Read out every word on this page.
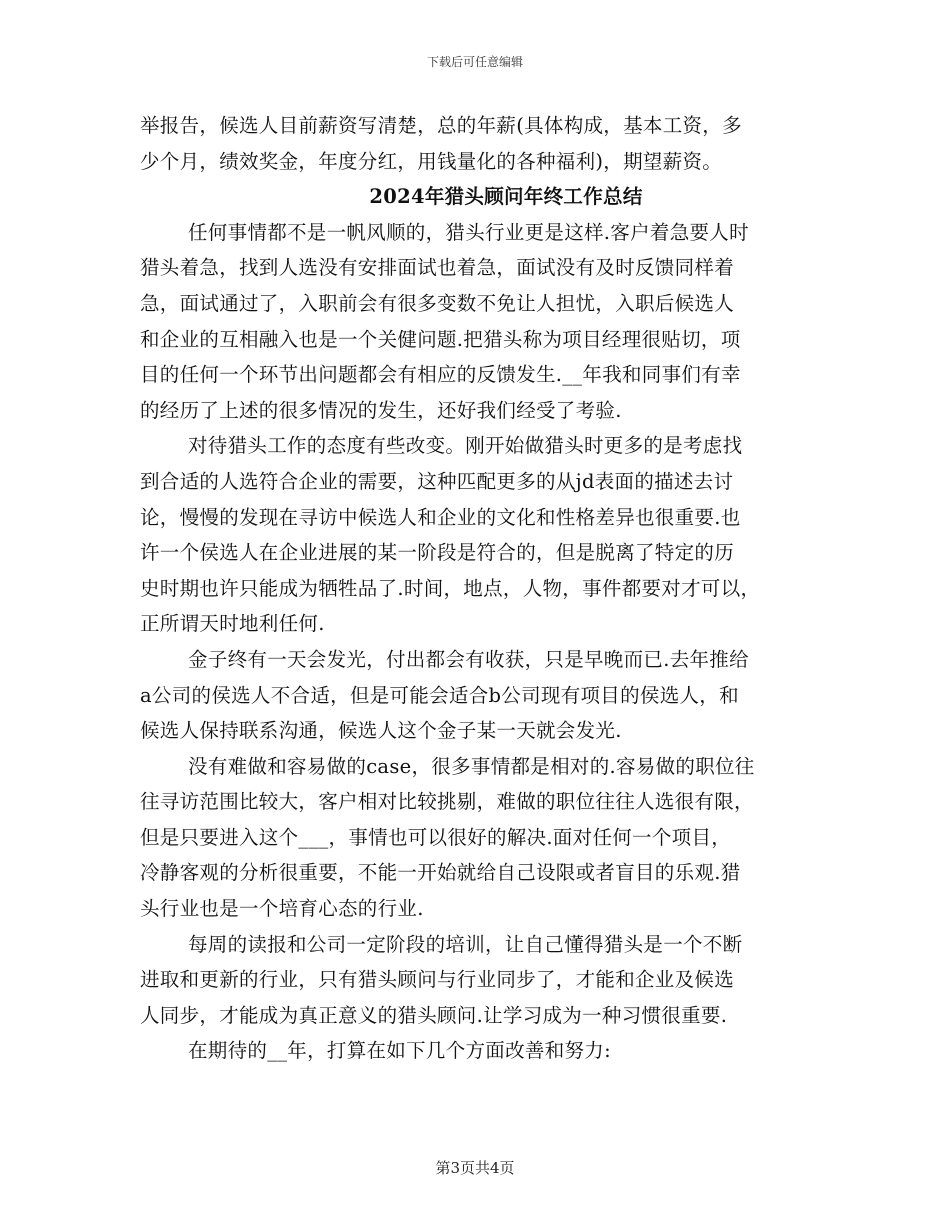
下载后可任意编辑
举报告，候选人目前薪资写清楚，总的年薪(具体构成，基本工资，多
少个月，绩效奖金，年度分红，用钱量化的各种福利)，期望薪资。
2024年猎头顾问年终工作总结
任何事情都不是一帆风顺的，猎头行业更是这样.客户着急要人时
猎头着急，找到人选没有安排面试也着急，面试没有及时反馈同样着
急，面试通过了，入职前会有很多变数不免让人担忧，入职后候选人
和企业的互相融入也是一个关健问题.把猎头称为项目经理很贴切，项
目的任何一个环节出问题都会有相应的反馈发生.__年我和同事们有幸
的经历了上述的很多情况的发生，还好我们经受了考验.
对待猎头工作的态度有些改变。刚开始做猎头时更多的是考虑找
到合适的人选符合企业的需要，这种匹配更多的从jd表面的描述去讨
论，慢慢的发现在寻访中候选人和企业的文化和性格差异也很重要.也
许一个侯选人在企业进展的某一阶段是符合的，但是脱离了特定的历
史时期也许只能成为牺牲品了.时间，地点，人物，事件都要对才可以，
正所谓天时地利任何.
金子终有一天会发光，付出都会有收获，只是早晚而已.去年推给
a公司的侯选人不合适，但是可能会适合b公司现有项目的侯选人，和
候选人保持联系沟通，候选人这个金子某一天就会发光.
没有难做和容易做的case，很多事情都是相对的.容易做的职位往
往寻访范围比较大，客户相对比较挑剔，难做的职位往往人选很有限，
但是只要进入这个___，事情也可以很好的解决.面对任何一个项目，
冷静客观的分析很重要，不能一开始就给自己设限或者盲目的乐观.猎
头行业也是一个培育心态的行业.
每周的读报和公司一定阶段的培训，让自己懂得猎头是一个不断
进取和更新的行业，只有猎头顾问与行业同步了，才能和企业及候选
人同步，才能成为真正意义的猎头顾问.让学习成为一种习惯很重要.
在期待的__年，打算在如下几个方面改善和努力:
第3页共4页
